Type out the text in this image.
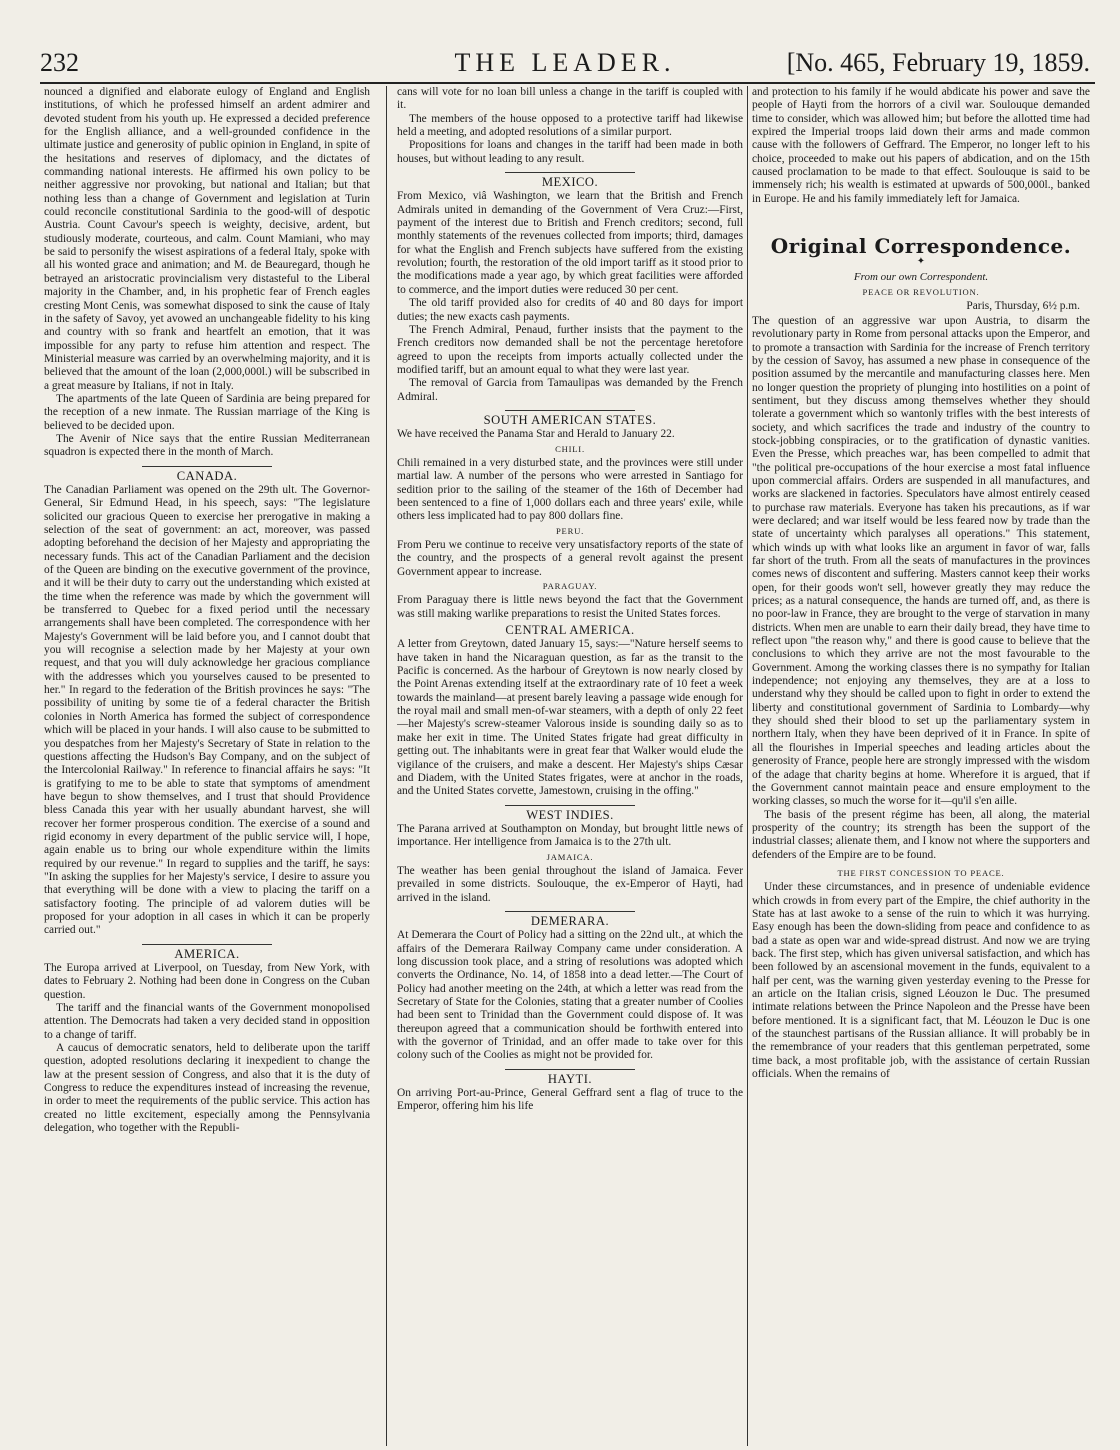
232	THE LEADER.	[No. 465, February 19, 1859.

nounced a dignified and elaborate eulogy of England and English institutions, of which he professed himself an ardent admirer and devoted student from his youth up. He expressed a decided preference for the English alliance, and a well-grounded confidence in the ultimate justice and generosity of public opinion in England, in spite of the hesitations and reserves of diplomacy, and the dictates of commanding national interests. He affirmed his own policy to be neither aggressive nor provoking, but national and Italian; but that nothing less than a change of Government and legislation at Turin could reconcile constitutional Sardinia to the good-will of despotic Austria. Count Cavour's speech is weighty, decisive, ardent, but studiously moderate, courteous, and calm. Count Mamiani, who may be said to personify the wisest aspirations of a federal Italy, spoke with all his wonted grace and animation; and M. de Beauregard, though he betrayed an aristocratic provincialism very distasteful to the Liberal majority in the Chamber, and, in his prophetic fear of French eagles cresting Mont Cenis, was somewhat disposed to sink the cause of Italy in the safety of Savoy, yet avowed an unchangeable fidelity to his king and country with so frank and heartfelt an emotion, that it was impossible for any party to refuse him attention and respect. The Ministerial measure was carried by an overwhelming majority, and it is believed that the amount of the loan (2,000,000l.) will be subscribed in a great measure by Italians, if not in Italy.

The apartments of the late Queen of Sardinia are being prepared for the reception of a new inmate. The Russian marriage of the King is believed to be decided upon.

The Avenir of Nice says that the entire Russian Mediterranean squadron is expected there in the month of March.

CANADA.

The Canadian Parliament was opened on the 29th ult. The Governor-General, Sir Edmund Head, in his speech, says: "The legislature solicited our gracious Queen to exercise her prerogative in making a selection of the seat of government: an act, moreover, was passed adopting beforehand the decision of her Majesty and appropriating the necessary funds. This act of the Canadian Parliament and the decision of the Queen are binding on the executive government of the province, and it will be their duty to carry out the understanding which existed at the time when the reference was made by which the government will be transferred to Quebec for a fixed period until the necessary arrangements shall have been completed. The correspondence with her Majesty's Government will be laid before you, and I cannot doubt that you will recognise a selection made by her Majesty at your own request, and that you will duly acknowledge her gracious compliance with the addresses which you yourselves caused to be presented to her." In regard to the federation of the British provinces he says: "The possibility of uniting by some tie of a federal character the British colonies in North America has formed the subject of correspondence which will be placed in your hands. I will also cause to be submitted to you despatches from her Majesty's Secretary of State in relation to the questions affecting the Hudson's Bay Company, and on the subject of the Intercolonial Railway." In reference to financial affairs he says: "It is gratifying to me to be able to state that symptoms of amendment have begun to show themselves, and I trust that should Providence bless Canada this year with her usually abundant harvest, she will recover her former prosperous condition. The exercise of a sound and rigid economy in every department of the public service will, I hope, again enable us to bring our whole expenditure within the limits required by our revenue." In regard to supplies and the tariff, he says: "In asking the supplies for her Majesty's service, I desire to assure you that everything will be done with a view to placing the tariff on a satisfactory footing. The principle of ad valorem duties will be proposed for your adoption in all cases in which it can be properly carried out."

AMERICA.

The Europa arrived at Liverpool, on Tuesday, from New York, with dates to February 2. Nothing had been done in Congress on the Cuban question.

The tariff and the financial wants of the Government monopolised attention. The Democrats had taken a very decided stand in opposition to a change of tariff.

A caucus of democratic senators, held to deliberate upon the tariff question, adopted resolutions declaring it inexpedient to change the law at the present session of Congress, and also that it is the duty of Congress to reduce the expenditures instead of increasing the revenue, in order to meet the requirements of the public service. This action has created no little excitement, especially among the Pennsylvania delegation, who together with the Republi-

cans will vote for no loan bill unless a change in the tariff is coupled with it.

The members of the house opposed to a protective tariff had likewise held a meeting, and adopted resolutions of a similar purport.

Propositions for loans and changes in the tariff had been made in both houses, but without leading to any result.

MEXICO.

From Mexico, viâ Washington, we learn that the British and French Admirals united in demanding of the Government of Vera Cruz:—First, payment of the interest due to British and French creditors; second, full monthly statements of the revenues collected from imports; third, damages for what the English and French subjects have suffered from the existing revolution; fourth, the restoration of the old import tariff as it stood prior to the modifications made a year ago, by which great facilities were afforded to commerce, and the import duties were reduced 30 per cent.

The old tariff provided also for credits of 40 and 80 days for import duties; the new exacts cash payments.

The French Admiral, Penaud, further insists that the payment to the French creditors now demanded shall be not the percentage heretofore agreed to upon the receipts from imports actually collected under the modified tariff, but an amount equal to what they were last year.

The removal of Garcia from Tamaulipas was demanded by the French Admiral.

SOUTH AMERICAN STATES.

We have received the Panama Star and Herald to January 22.

CHILI.

Chili remained in a very disturbed state, and the provinces were still under martial law. A number of the persons who were arrested in Santiago for sedition prior to the sailing of the steamer of the 16th of December had been sentenced to a fine of 1,000 dollars each and three years' exile, while others less implicated had to pay 800 dollars fine.

PERU.

From Peru we continue to receive very unsatisfactory reports of the state of the country, and the prospects of a general revolt against the present Government appear to increase.

PARAGUAY.

From Paraguay there is little news beyond the fact that the Government was still making warlike preparations to resist the United States forces.

CENTRAL AMERICA.

A letter from Greytown, dated January 15, says:—"Nature herself seems to have taken in hand the Nicaraguan question, as far as the transit to the Pacific is concerned. As the harbour of Greytown is now nearly closed by the Point Arenas extending itself at the extraordinary rate of 10 feet a week towards the mainland—at present barely leaving a passage wide enough for the royal mail and small men-of-war steamers, with a depth of only 22 feet—her Majesty's screw-steamer Valorous inside is sounding daily so as to make her exit in time. The United States frigate had great difficulty in getting out. The inhabitants were in great fear that Walker would elude the vigilance of the cruisers, and make a descent. Her Majesty's ships Cæsar and Diadem, with the United States frigates, were at anchor in the roads, and the United States corvette, Jamestown, cruising in the offing."

WEST INDIES.

The Parana arrived at Southampton on Monday, but brought little news of importance. Her intelligence from Jamaica is to the 27th ult.

JAMAICA.

The weather has been genial throughout the island of Jamaica. Fever prevailed in some districts. Soulouque, the ex-Emperor of Hayti, had arrived in the island.

DEMERARA.

At Demerara the Court of Policy had a sitting on the 22nd ult., at which the affairs of the Demerara Railway Company came under consideration. A long discussion took place, and a string of resolutions was adopted which converts the Ordinance, No. 14, of 1858 into a dead letter.—The Court of Policy had another meeting on the 24th, at which a letter was read from the Secretary of State for the Colonies, stating that a greater number of Coolies had been sent to Trinidad than the Government could dispose of. It was thereupon agreed that a communication should be forthwith entered into with the governor of Trinidad, and an offer made to take over for this colony such of the Coolies as might not be provided for.

HAYTI.

On arriving Port-au-Prince, General Geffrard sent a flag of truce to the Emperor, offering him his life

and protection to his family if he would abdicate his power and save the people of Hayti from the horrors of a civil war. Soulouque demanded time to consider, which was allowed him; but before the allotted time had expired the Imperial troops laid down their arms and made common cause with the followers of Geffrard. The Emperor, no longer left to his choice, proceeded to make out his papers of abdication, and on the 15th caused proclamation to be made to that effect. Soulouque is said to be immensely rich; his wealth is estimated at upwards of 500,000l., banked in Europe. He and his family immediately left for Jamaica.

Original Correspondence.
✦
From our own Correspondent.
PEACE OR REVOLUTION.
Paris, Thursday, 6½ p.m.

The question of an aggressive war upon Austria, to disarm the revolutionary party in Rome from personal attacks upon the Emperor, and to promote a transaction with Sardinia for the increase of French territory by the cession of Savoy, has assumed a new phase in consequence of the position assumed by the mercantile and manufacturing classes here. Men no longer question the propriety of plunging into hostilities on a point of sentiment, but they discuss among themselves whether they should tolerate a government which so wantonly trifles with the best interests of society, and which sacrifices the trade and industry of the country to stock-jobbing conspiracies, or to the gratification of dynastic vanities. Even the Presse, which preaches war, has been compelled to admit that "the political pre-occupations of the hour exercise a most fatal influence upon commercial affairs. Orders are suspended in all manufactures, and works are slackened in factories. Speculators have almost entirely ceased to purchase raw materials. Everyone has taken his precautions, as if war were declared; and war itself would be less feared now by trade than the state of uncertainty which paralyses all operations." This statement, which winds up with what looks like an argument in favor of war, falls far short of the truth. From all the seats of manufactures in the provinces comes news of discontent and suffering. Masters cannot keep their works open, for their goods won't sell, however greatly they may reduce the prices; as a natural consequence, the hands are turned off, and, as there is no poor-law in France, they are brought to the verge of starvation in many districts. When men are unable to earn their daily bread, they have time to reflect upon "the reason why," and there is good cause to believe that the conclusions to which they arrive are not the most favourable to the Government. Among the working classes there is no sympathy for Italian independence; not enjoying any themselves, they are at a loss to understand why they should be called upon to fight in order to extend the liberty and constitutional government of Sardinia to Lombardy—why they should shed their blood to set up the parliamentary system in northern Italy, when they have been deprived of it in France. In spite of all the flourishes in Imperial speeches and leading articles about the generosity of France, people here are strongly impressed with the wisdom of the adage that charity begins at home. Wherefore it is argued, that if the Government cannot maintain peace and ensure employment to the working classes, so much the worse for it—qu'il s'en aille.

The basis of the present régime has been, all along, the material prosperity of the country; its strength has been the support of the industrial classes; alienate them, and I know not where the supporters and defenders of the Empire are to be found.

THE FIRST CONCESSION TO PEACE.

Under these circumstances, and in presence of undeniable evidence which crowds in from every part of the Empire, the chief authority in the State has at last awoke to a sense of the ruin to which it was hurrying. Easy enough has been the down-sliding from peace and confidence to as bad a state as open war and wide-spread distrust. And now we are trying back. The first step, which has given universal satisfaction, and which has been followed by an ascensional movement in the funds, equivalent to a half per cent, was the warning given yesterday evening to the Presse for an article on the Italian crisis, signed Léouzon le Duc. The presumed intimate relations between the Prince Napoleon and the Presse have been before mentioned. It is a significant fact, that M. Léouzon le Duc is one of the staunchest partisans of the Russian alliance. It will probably be in the remembrance of your readers that this gentleman perpetrated, some time back, a most profitable job, with the assistance of certain Russian officials. When the remains of
